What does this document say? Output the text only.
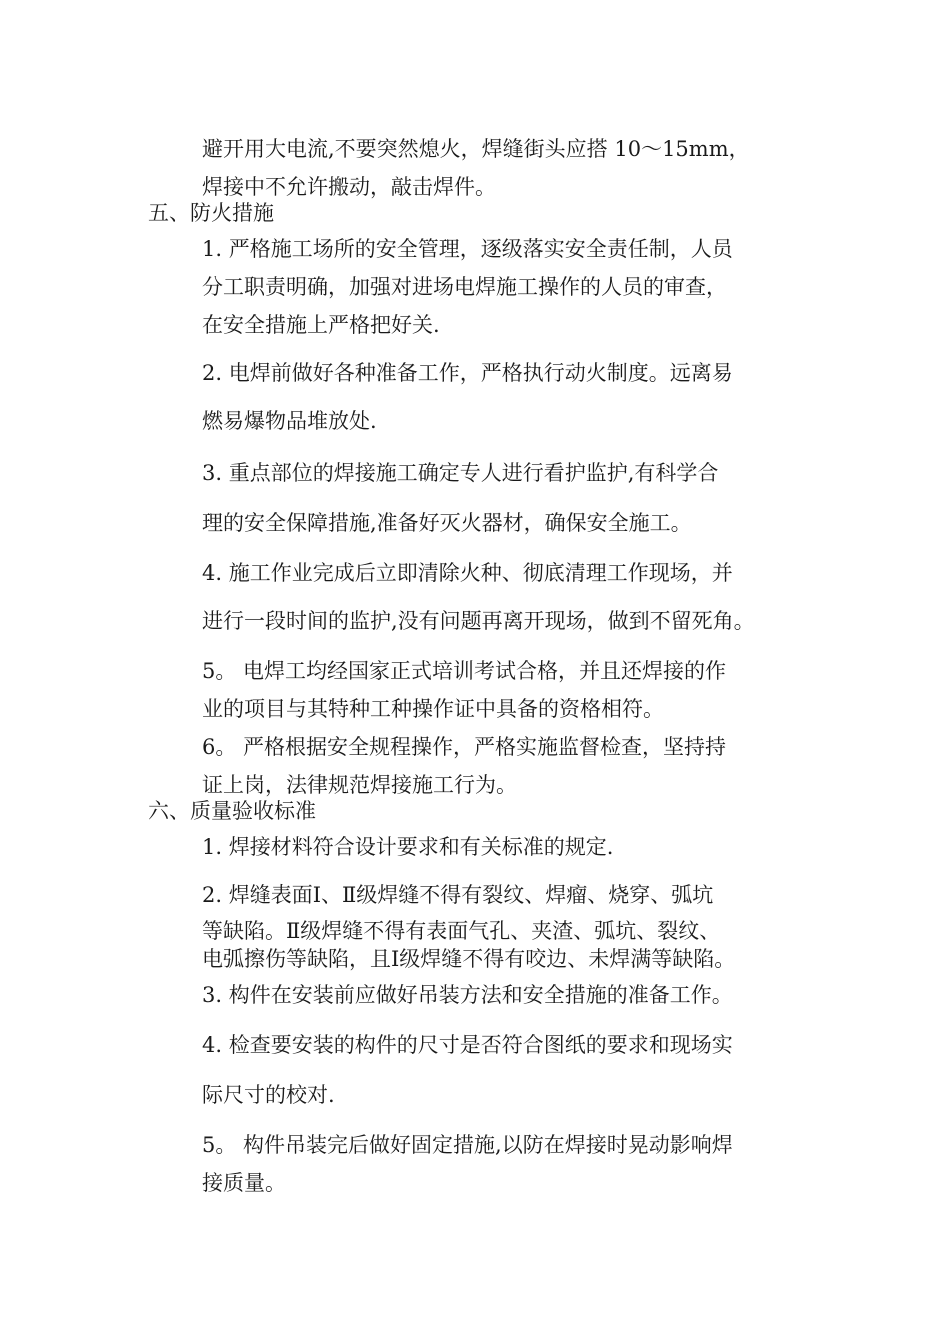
避开用大电流,不要突然熄火，焊缝街头应搭 10～15mm，
焊接中不允许搬动，敲击焊件。
五、防火措施
1. 严格施工场所的安全管理，逐级落实安全责任制，人员
分工职责明确，加强对进场电焊施工操作的人员的审查，
在安全措施上严格把好关.
2. 电焊前做好各种准备工作，严格执行动火制度。远离易
燃易爆物品堆放处.
3. 重点部位的焊接施工确定专人进行看护监护,有科学合
理的安全保障措施,准备好灭火器材，确保安全施工。
4. 施工作业完成后立即清除火种、彻底清理工作现场，并
进行一段时间的监护,没有问题再离开现场，做到不留死角。
5。 电焊工均经国家正式培训考试合格，并且还焊接的作
业的项目与其特种工种操作证中具备的资格相符。
6。 严格根据安全规程操作，严格实施监督检查，坚持持
证上岗，法律规范焊接施工行为。
六、质量验收标准
1. 焊接材料符合设计要求和有关标准的规定.
2. 焊缝表面Ⅰ、Ⅱ级焊缝不得有裂纹、焊瘤、烧穿、弧坑
等缺陷。Ⅱ级焊缝不得有表面气孔、夹渣、弧坑、裂纹、
电弧擦伤等缺陷，且Ⅰ级焊缝不得有咬边、未焊满等缺陷。
3. 构件在安装前应做好吊装方法和安全措施的准备工作。
4. 检查要安装的构件的尺寸是否符合图纸的要求和现场实
际尺寸的校对.
5。 构件吊装完后做好固定措施,以防在焊接时晃动影响焊
接质量。
